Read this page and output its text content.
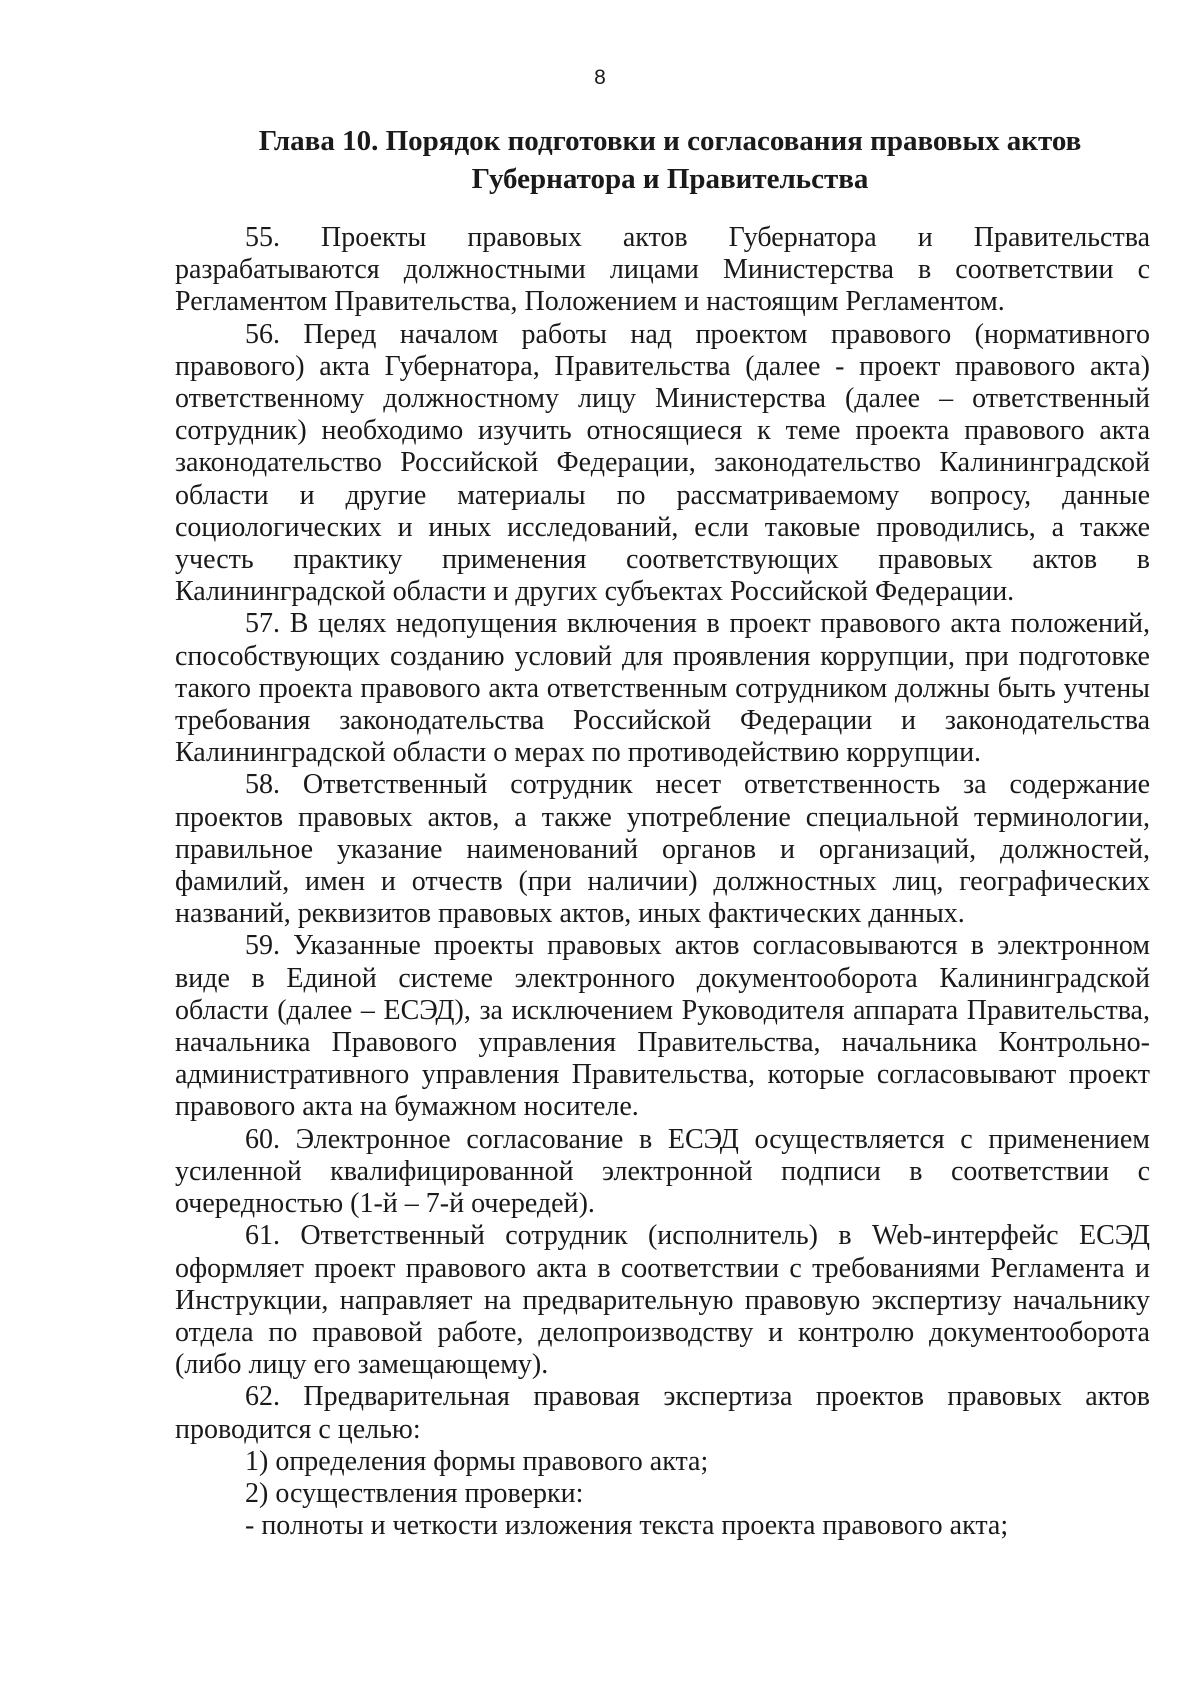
8
Глава 10. Порядок подготовки и согласования правовых актов
Губернатора и Правительства

55. Проекты правовых актов Губернатора и Правительства разрабатываются должностными лицами Министерства в соответствии с Регламентом Правительства, Положением и настоящим Регламентом.

56. Перед началом работы над проектом правового (нормативного правового) акта Губернатора, Правительства (далее - проект правового акта) ответственному должностному лицу Министерства (далее – ответственный сотрудник) необходимо изучить относящиеся к теме проекта правового акта законодательство Российской Федерации, законодательство Калининградской области и другие материалы по рассматриваемому вопросу, данные социологических и иных исследований, если таковые проводились, а также учесть практику применения соответствующих правовых актов в Калининградской области и других субъектах Российской Федерации.

57. В целях недопущения включения в проект правового акта положений, способствующих созданию условий для проявления коррупции, при подготовке такого проекта правового акта ответственным сотрудником должны быть учтены требования законодательства Российской Федерации и законодательства Калининградской области о мерах по противодействию коррупции.

58. Ответственный сотрудник несет ответственность за содержание проектов правовых актов, а также употребление специальной терминологии, правильное указание наименований органов и организаций, должностей, фамилий, имен и отчеств (при наличии) должностных лиц, географических названий, реквизитов правовых актов, иных фактических данных.

59. Указанные проекты правовых актов согласовываются в электронном виде в Единой системе электронного документооборота Калининградской области (далее – ЕСЭД), за исключением Руководителя аппарата Правительства, начальника Правового управления Правительства, начальника Контрольно-административного управления Правительства, которые согласовывают проект правового акта на бумажном носителе.

60. Электронное согласование в ЕСЭД осуществляется с применением усиленной квалифицированной электронной подписи в соответствии с очередностью (1-й – 7-й очередей).

61. Ответственный сотрудник (исполнитель) в Web-интерфейс ЕСЭД оформляет проект правового акта в соответствии с требованиями Регламента и Инструкции, направляет на предварительную правовую экспертизу начальнику отдела по правовой работе, делопроизводству и контролю документооборота (либо лицу его замещающему).

62. Предварительная правовая экспертиза проектов правовых актов проводится с целью:

1) определения формы правового акта;

2) осуществления проверки:

- полноты и четкости изложения текста проекта правового акта;
